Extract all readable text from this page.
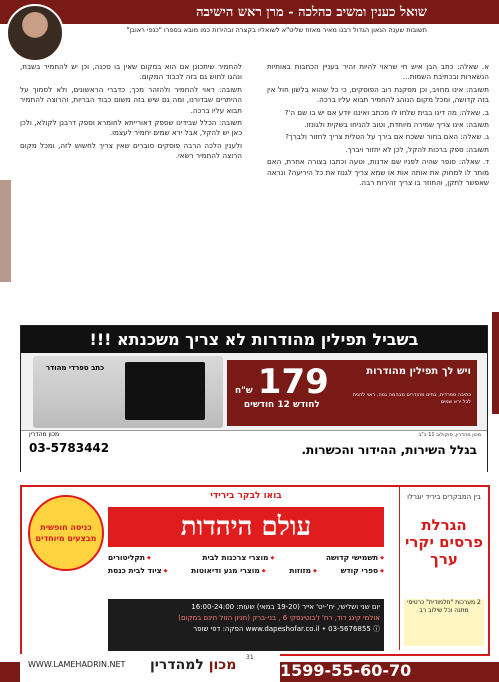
שואל כענין ומשיב כהלכה - מרן ראש הישיבה
תשובות שענה הגאון הגדול רבנו מאיר מאזוז שליט"א לשואליו בקצרה ובהירות כמו מובא בספרו "כנפי ראובן"

א. שאלה: כתב הבן איש חי שראוי להיות זהיר בעניין הכתבות באותיות הנשארות ובכתיבת השמות...

תשובה: אינו מחויב, וכן מסקנת רוב הפוסקים, כי כל שהוא בלשון חול אין בזה קדושה, ומכל מקום הנוהג להחמיר תבוא עליו ברכה.

ב. שאלה: מה דינו בבית שלחו לו מכתב ואיננו יודע אם יש בו שם ה'?

תשובה: אינו צריך שמירה מיוחדת, וטוב להניחו בשקית ולגונזו.

ג. שאלה: האם בחור ששכח אם בירך על הטלית צריך לחזור ולברך?

תשובה: ספק ברכות להקל, לכן לא יחזור ויברך.

ד. שאלה: סופר שהיה לפניו שם אדנות, וטעה וכתבו בצורה אחרת, האם מותר לו למחוק את אותה אות או שמא צריך לגנוז את כל היריעה? ונראה שאפשר לתקן, והחוזר בו צריך זהירות רבה.

להחמיר שיתכונן אם הוא במקום שאין בו סכנה, וכן יש להחמיר בשבת, ונהגו לחוש גם בזה לכבוד המקום.

תשובה: ראוי להחמיר ולהזהר מכך, כדברי הראשונים, ולא לסמוך על ההיתרים שבדורנו, ומה גם שיש בזה משום כבוד הבריות, והרוצה להחמיר תבוא עליו ברכה.

תשובה: הכלל שבידינו שספק דאורייתא לחומרא וספק דרבנן לקולא, ולכן כאן יש להקל, אבל ירא שמים יחמיר לעצמו.

ולענין הלכה הרבה פוסקים סוברים שאין צריך לחשוש לזה, ומכל מקום הרוצה להחמיר רשאי.

בשביל תפילין מהודרות לא צריך משכנתא !!!
ויש לך תפילין מהודרות
כתיבה ספרדית, בתים מהודרים מבהמה גסה, ראוי להניח לכל ירא שמים
179 ש"ח
לחודש 12 חודשים
כתב ספרדי מהודר
מכון מהדרין, סוקולוב 11 ב"ב
בגלל השירות, ההידור והכשרות.
מכון מהדרין
03-5783442
כניסה חופשית מבצעים מיוחדים
בואו לבקר בירידי
עולם היהדות
◆ תשמישי קדושה
◆ מוצרי צרכנות לבית
◆ תקליטורים
◆ ספרי קודש
◆ מזוזות
◆ מוצרי מגע ודיאוטות
◆ ציוד לבית כנסת
יום שני ושלישי, יח'-יט' אייר (19-20 במאי) שעות: 16:00-24:00
אולמי קינג דוד, רח' ז'בוטינסקי 6 , בני-ברק (חניון הזול חינם במקום)
www.dapeshofar.co.il • 03-5676855 ⓘ הפקה: דפי שופר
בין המבקרים ביריד יוגרלו
הגרלת פרסים יקרי ערך
2 מערכות "תלמודית" כרטיסי מתנה וכל שילוב רב
1599-55-60-70
מכון למהדרין
WWW.LAMEHADRIN.NET
31
